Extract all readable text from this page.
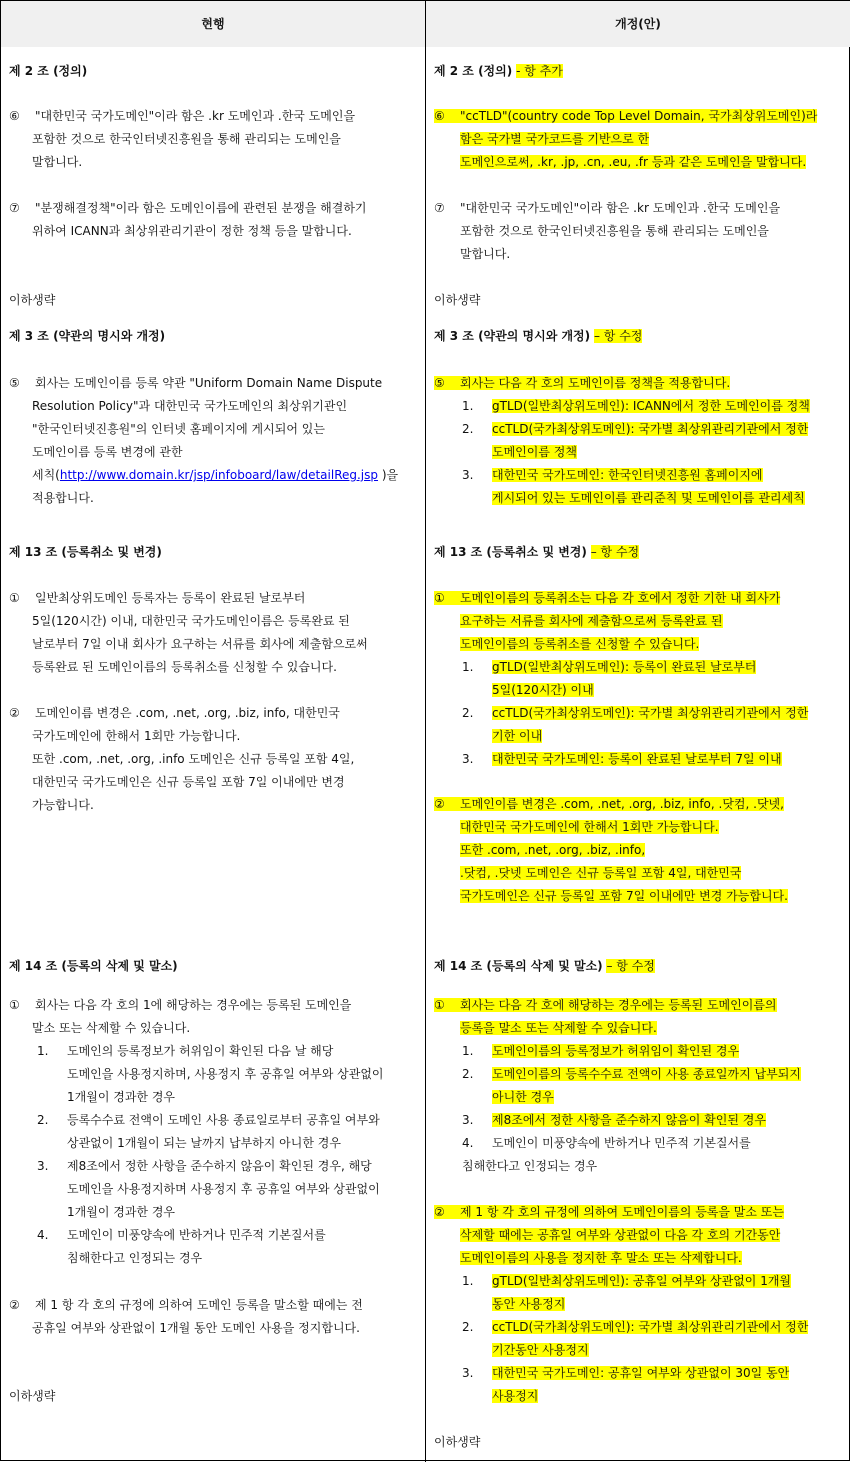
현행	개정(안)
제 2 조 (정의)
⑥ "대한민국 국가도메인"이라 함은 .kr 도메인과 .한국 도메인을
포함한 것으로 한국인터넷진흥원을 통해 관리되는 도메인을
말합니다.
⑦ "분쟁해결정책"이라 함은 도메인이름에 관련된 분쟁을 해결하기
위하여 ICANN과 최상위관리기관이 정한 정책 등을 말합니다.
이하생략
제 3 조 (약관의 명시와 개정)
⑤ 회사는 도메인이름 등록 약관 "Uniform Domain Name Dispute
Resolution Policy"과 대한민국 국가도메인의 최상위기관인
"한국인터넷진흥원"의 인터넷 홈페이지에 게시되어 있는
도메인이름 등록 변경에 관한
세칙(http://www.domain.kr/jsp/infoboard/law/detailReg.jsp )을
적용합니다.
제 13 조 (등록취소 및 변경)
① 일반최상위도메인 등록자는 등록이 완료된 날로부터
5일(120시간) 이내, 대한민국 국가도메인이름은 등록완료 된
날로부터 7일 이내 회사가 요구하는 서류를 회사에 제출함으로써
등록완료 된 도메인이름의 등록취소를 신청할 수 있습니다.
② 도메인이름 변경은 .com, .net, .org, .biz, info, 대한민국
국가도메인에 한해서 1회만 가능합니다.
또한 .com, .net, .org, .info 도메인은 신규 등록일 포함 4일,
대한민국 국가도메인은 신규 등록일 포함 7일 이내에만 변경
가능합니다.
제 14 조 (등록의 삭제 및 말소)
① 회사는 다음 각 호의 1에 해당하는 경우에는 등록된 도메인을
말소 또는 삭제할 수 있습니다.
1. 도메인의 등록정보가 허위임이 확인된 다음 날 해당
도메인을 사용정지하며, 사용정지 후 공휴일 여부와 상관없이
1개월이 경과한 경우
2. 등록수수료 전액이 도메인 사용 종료일로부터 공휴일 여부와
상관없이 1개월이 되는 날까지 납부하지 아니한 경우
3. 제8조에서 정한 사항을 준수하지 않음이 확인된 경우, 해당
도메인을 사용정지하며 사용정지 후 공휴일 여부와 상관없이
1개월이 경과한 경우
4. 도메인이 미풍양속에 반하거나 민주적 기본질서를
침해한다고 인정되는 경우
② 제 1 항 각 호의 규정에 의하여 도메인 등록을 말소할 때에는 전
공휴일 여부와 상관없이 1개월 동안 도메인 사용을 정지합니다.
이하생략
제 2 조 (정의) - 항 추가
⑥ "ccTLD"(country code Top Level Domain, 국가최상위도메인)라
함은 국가별 국가코드를 기반으로 한
도메인으로써, .kr, .jp, .cn, .eu, .fr 등과 같은 도메인을 말합니다.
⑦ "대한민국 국가도메인"이라 함은 .kr 도메인과 .한국 도메인을
포함한 것으로 한국인터넷진흥원을 통해 관리되는 도메인을
말합니다.
이하생략
제 3 조 (약관의 명시와 개정) – 항 수정
⑤ 회사는 다음 각 호의 도메인이름 정책을 적용합니다.
1. gTLD(일반최상위도메인): ICANN에서 정한 도메인이름 정책
2. ccTLD(국가최상위도메인): 국가별 최상위관리기관에서 정한
도메인이름 정책
3. 대한민국 국가도메인: 한국인터넷진흥원 홈페이지에
게시되어 있는 도메인이름 관리준칙 및 도메인이름 관리세칙
제 13 조 (등록취소 및 변경) – 항 수정
① 도메인이름의 등록취소는 다음 각 호에서 정한 기한 내 회사가
요구하는 서류를 회사에 제출함으로써 등록완료 된
도메인이름의 등록취소를 신청할 수 있습니다.
1. gTLD(일반최상위도메인): 등록이 완료된 날로부터
5일(120시간) 이내
2. ccTLD(국가최상위도메인): 국가별 최상위관리기관에서 정한
기한 이내
3. 대한민국 국가도메인: 등록이 완료된 날로부터 7일 이내
② 도메인이름 변경은 .com, .net, .org, .biz, info, .닷컴, .닷넷,
대한민국 국가도메인에 한해서 1회만 가능합니다.
또한 .com, .net, .org, .biz, .info,
.닷컴, .닷넷 도메인은 신규 등록일 포함 4일, 대한민국
국가도메인은 신규 등록일 포함 7일 이내에만 변경 가능합니다.
제 14 조 (등록의 삭제 및 말소) – 항 수정
① 회사는 다음 각 호에 해당하는 경우에는 등록된 도메인이름의
등록을 말소 또는 삭제할 수 있습니다.
1. 도메인이름의 등록정보가 허위임이 확인된 경우
2. 도메인이름의 등록수수료 전액이 사용 종료일까지 납부되지
아니한 경우
3. 제8조에서 정한 사항을 준수하지 않음이 확인된 경우
4. 도메인이 미풍양속에 반하거나 민주적 기본질서를
침해한다고 인정되는 경우
② 제 1 항 각 호의 규정에 의하여 도메인이름의 등록을 말소 또는
삭제할 때에는 공휴일 여부와 상관없이 다음 각 호의 기간동안
도메인이름의 사용을 정지한 후 말소 또는 삭제합니다.
1. gTLD(일반최상위도메인): 공휴일 여부와 상관없이 1개월
동안 사용정지
2. ccTLD(국가최상위도메인): 국가별 최상위관리기관에서 정한
기간동안 사용정지
3. 대한민국 국가도메인: 공휴일 여부와 상관없이 30일 동안
사용정지
이하생략
